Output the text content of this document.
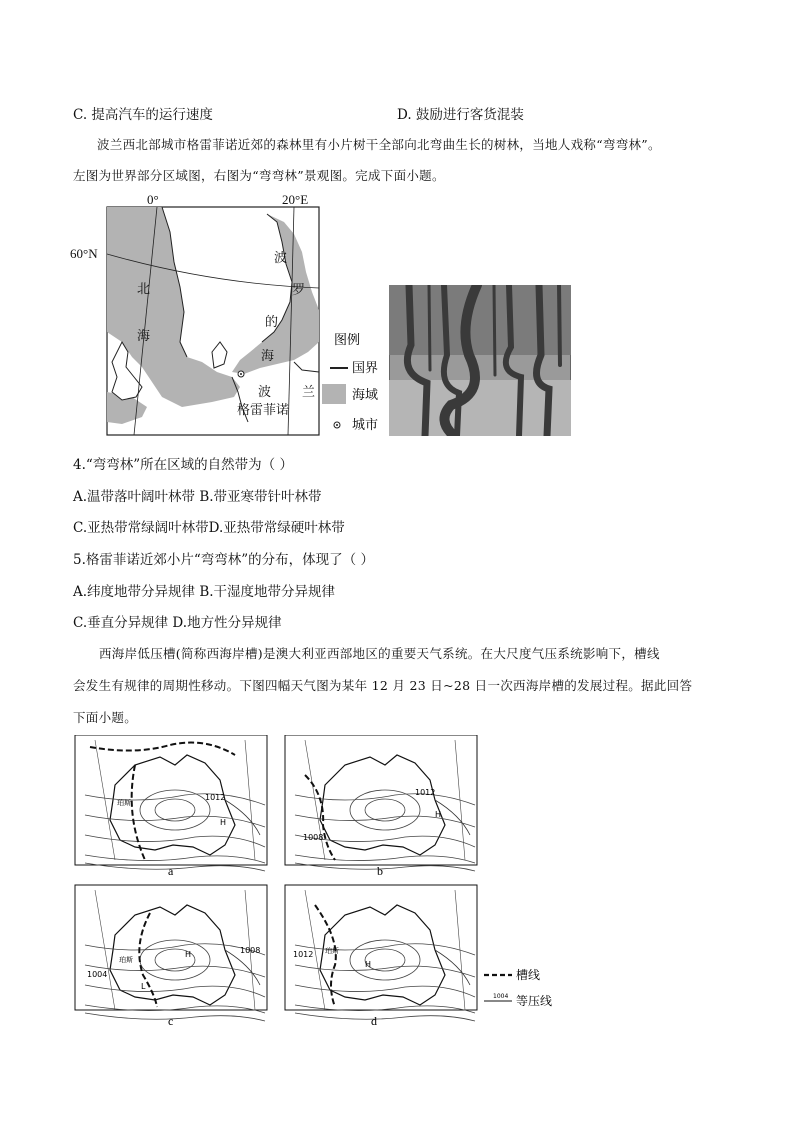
C. 提高汽车的运行速度	D. 鼓励进行客货混装
波兰西北部城市格雷菲诺近郊的森林里有小片树干全部向北弯曲生长的树林，当地人戏称“弯弯林”。
左图为世界部分区域图，右图为“弯弯林”景观图。完成下面小题。
0°	20°E
60°N
北
海
波
罗
的
海
波 兰
格雷菲诺
图例
国界
海域
城市
4.“弯弯林”所在区域的自然带为（ ）
A.温带落叶阔叶林带 B.带亚寒带针叶林带
C.亚热带常绿阔叶林带D.亚热带常绿硬叶林带
5.格雷菲诺近郊小片“弯弯林”的分布，体现了（ ）
A.纬度地带分异规律 B.干湿度地带分异规律
C.垂直分异规律 D.地方性分异规律
西海岸低压槽(简称西海岸槽)是澳大利亚西部地区的重要天气系统。在大尺度气压系统影响下，槽线
会发生有规律的周期性移动。下图四幅天气图为某年 12 月 23 日~28 日一次西海岸槽的发展过程。据此回答
下面小题。
1012
H
珀斯
a
1012
H
1008
b
H	1008
1004
L
珀斯
c
H
1012 珀斯
d
槽线
1004 等压线
